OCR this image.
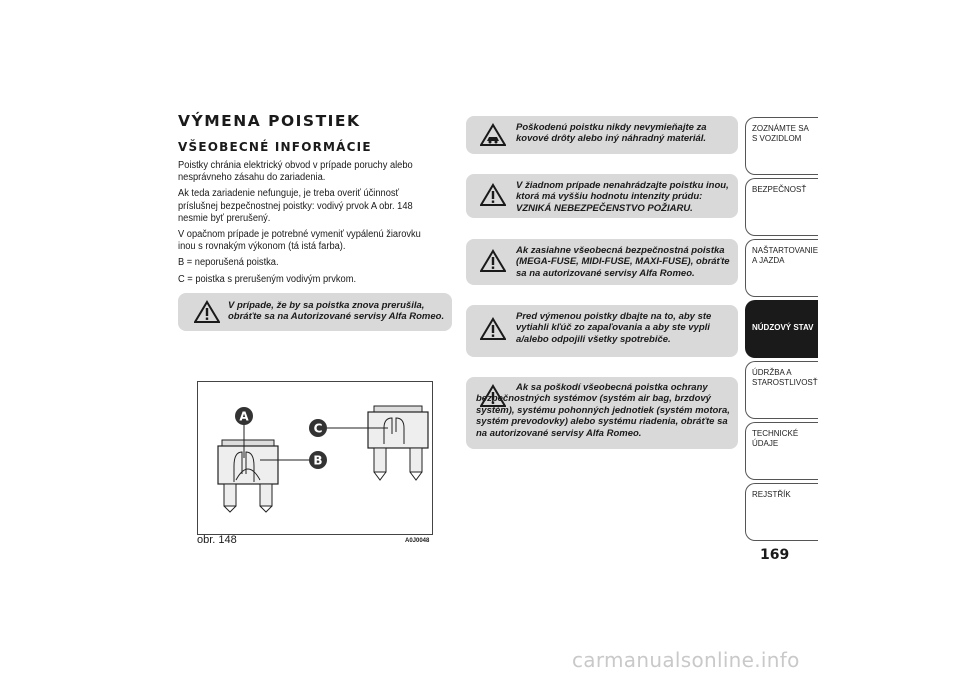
VÝMENA POISTIEK
VŠEOBECNÉ INFORMÁCIE

Poistky chránia elektrický obvod v prípade poruchy alebo nesprávneho zásahu do zariadenia.

Ak teda zariadenie nefunguje, je treba overiť účinnosť príslušnej bezpečnostnej poistky: vodivý prvok A obr. 148 nesmie byť prerušený.

V opačnom prípade je potrebné vymeniť vypálenú žiarovku inou s rovnakým výkonom (tá istá farba).

B = neporušená poistka.

C = poistka s prerušeným vodivým prvkom.

V prípade, že by sa poistka znova prerušila, obráťte sa na Autorizované servisy Alfa Romeo.
A
B
C
obr. 148	A0J0048
Poškodenú poistku nikdy nevymieňajte za kovové drôty alebo iný náhradný materiál.
V žiadnom prípade nenahrádzajte poistku inou, ktorá má vyššiu hodnotu intenzity prúdu: VZNIKÁ NEBEZPEČENSTVO POŽIARU.
Ak zasiahne všeobecná bezpečnostná poistka (MEGA-FUSE, MIDI-FUSE, MAXI-FUSE), obráťte sa na autorizované servisy Alfa Romeo.
Pred výmenou poistky dbajte na to, aby ste vytiahli kľúč zo zapaľovania a aby ste vypli a/alebo odpojili všetky spotrebiče.
Ak sa poškodí všeobecná poistka ochrany bezpečnostných systémov (systém air bag, brzdový systém), systému pohonných jednotiek (systém motora, systém prevodovky) alebo systému riadenia, obráťte sa na autorizované servisy Alfa Romeo.
ZOZNÁMTE SA S VOZIDLOM
BEZPEČNOSŤ
NAŠTARTOVANIE A JAZDA
NÚDZOVÝ STAV
ÚDRŽBA A STAROSTLIVOSŤ
TECHNICKÉ ÚDAJE
REJSTŘÍK
169
carmanualsonline.info
